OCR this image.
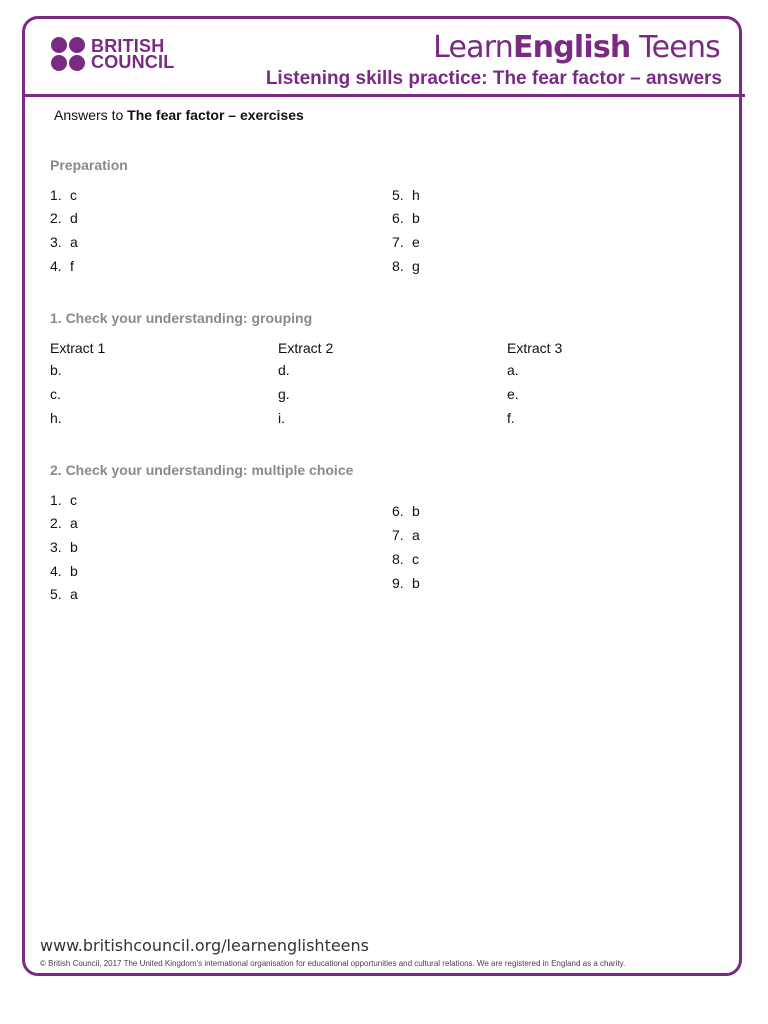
BRITISH
COUNCIL	LearnEnglish Teens
Listening skills practice: The fear factor – answers
Answers to The fear factor – exercises
Preparation
1. c
2. d
3. a
4. f
5. h
6. b
7. e
8. g
1. Check your understanding: grouping
Extract 1
b.
c.
h.
Extract 2
d.
g.
i.
Extract 3
a.
e.
f.
2. Check your understanding: multiple choice
1. c
2. a
3. b
4. b
5. a
6. b
7. a
8. c
9. b
www.britishcouncil.org/learnenglishteens
© British Council, 2017 The United Kingdom’s international organisation for educational opportunities and cultural relations. We are registered in England as a charity.
